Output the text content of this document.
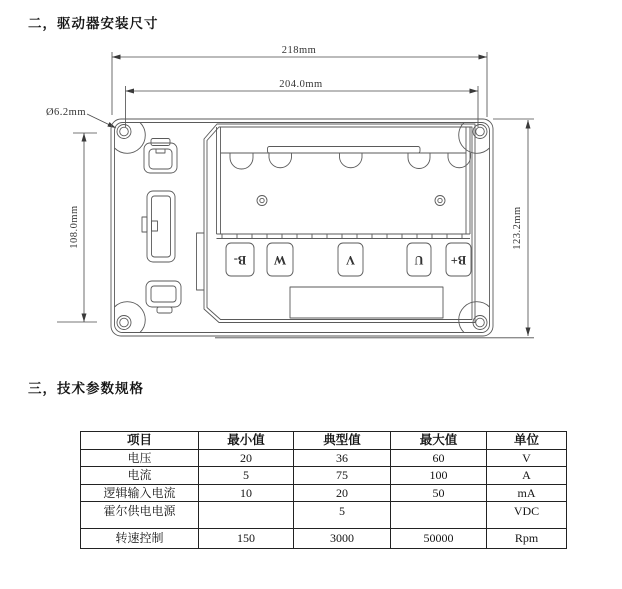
二，驱动器安装尺寸
218mm
204.0mm
Ø6.2mm
108.0mm	123.2mm
B- W	V	U B+
三，技术参数规格
项目	最小值	典型值	最大值	单位
电压	20	36	60	V
电流	5	75	100	A
逻辑输入电流	10	20	50	mA
霍尔供电电源		5		VDC
转速控制	150	3000	50000	Rpm
